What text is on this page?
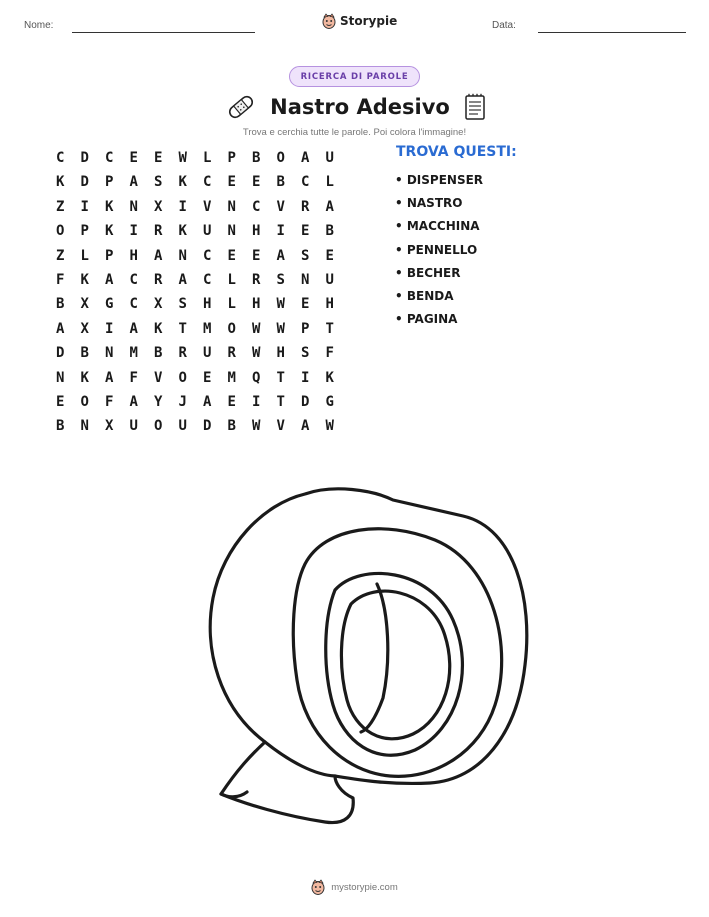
Nome:	Storypie	Data:
RICERCA DI PAROLE
Nastro Adesivo
Trova e cerchia tutte le parole. Poi colora l'immagine!
C	D	C	E	E	W	L	P	B	O	A	U
K	D	P	A	S	K	C	E	E	B	C	L
Z	I	K	N	X	I	V	N	C	V	R	A
O	P	K	I	R	K	U	N	H	I	E	B
Z	L	P	H	A	N	C	E	E	A	S	E
F	K	A	C	R	A	C	L	R	S	N	U
B	X	G	C	X	S	H	L	H	W	E	H
A	X	I	A	K	T	M	O	W	W	P	T
D	B	N	M	B	R	U	R	W	H	S	F
N	K	A	F	V	O	E	M	Q	T	I	K
E	O	F	A	Y	J	A	E	I	T	D	G
B	N	X	U	O	U	D	B	W	V	A	W
TROVA QUESTI:
• DISPENSER
• NASTRO
• MACCHINA
• PENNELLO
• BECHER
• BENDA
• PAGINA
mystorypie.com
